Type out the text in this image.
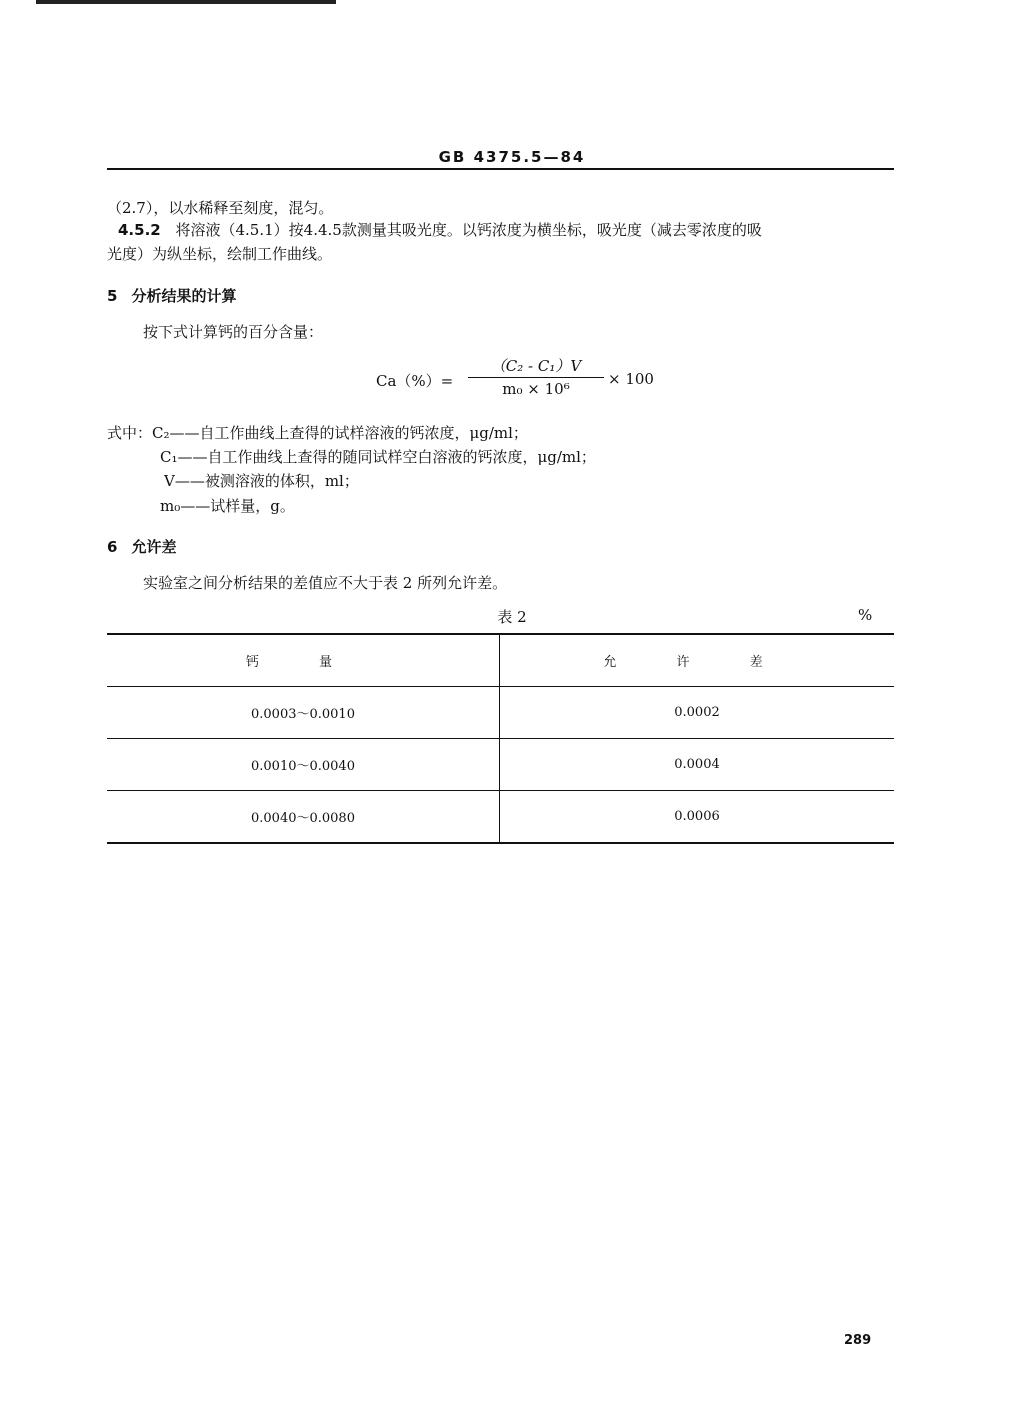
GB 4375.5—84
（2.7），以水稀释至刻度，混匀。
4.5.2 将溶液（4.5.1）按4.4.5款测量其吸光度。以钙浓度为横坐标，吸光度（减去零浓度的吸
光度）为纵坐标，绘制工作曲线。
5 分析结果的计算
按下式计算钙的百分含量：
Ca（%）=
（C₂ - C₁）V
m₀ × 10⁶
× 100
式中：C₂——自工作曲线上查得的试样溶液的钙浓度，μg/ml；
C₁——自工作曲线上查得的随同试样空白溶液的钙浓度，μg/ml；
V——被测溶液的体积，ml；
m₀——试样量，g。
6 允许差
实验室之间分析结果的差值应不大于表 2 所列允许差。
表 2	%
钙 量	允 许 差
0.0003～0.0010	0.0002
0.0010～0.0040	0.0004
0.0040～0.0080	0.0006
289
